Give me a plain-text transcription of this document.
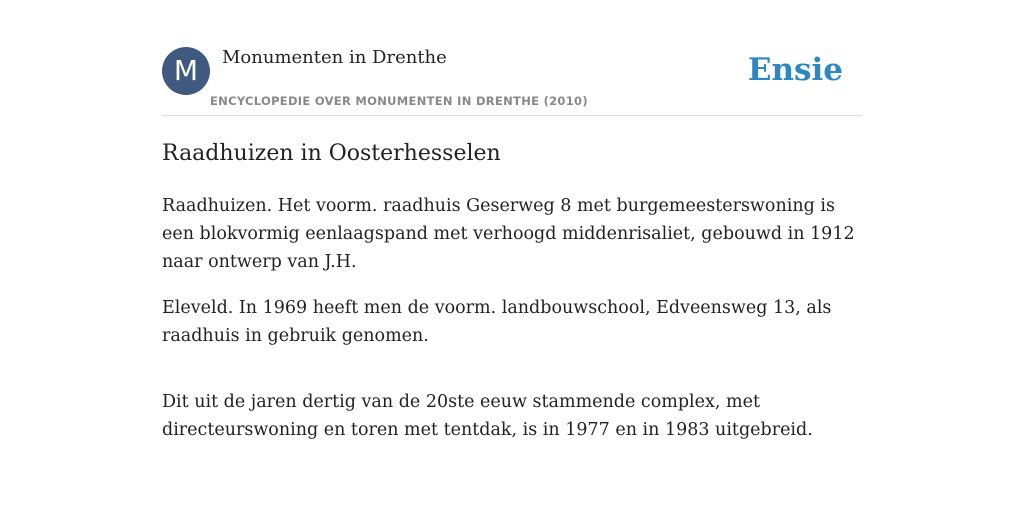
M	Monumenten in Drenthe
ENCYCLOPEDIE OVER MONUMENTEN IN DRENTHE (2010)
Ensie
Raadhuizen in Oosterhesselen

Raadhuizen. Het voorm. raadhuis Geserweg 8 met burgemeesterswoning is een blokvormig eenlaagspand met verhoogd middenrisaliet, gebouwd in 1912 naar ontwerp van J.H.

Eleveld. In 1969 heeft men de voorm. landbouwschool, Edveensweg 13, als raadhuis in gebruik genomen.

Dit uit de jaren dertig van de 20ste eeuw stammende complex, met directeurswoning en toren met tentdak, is in 1977 en in 1983 uitgebreid.
